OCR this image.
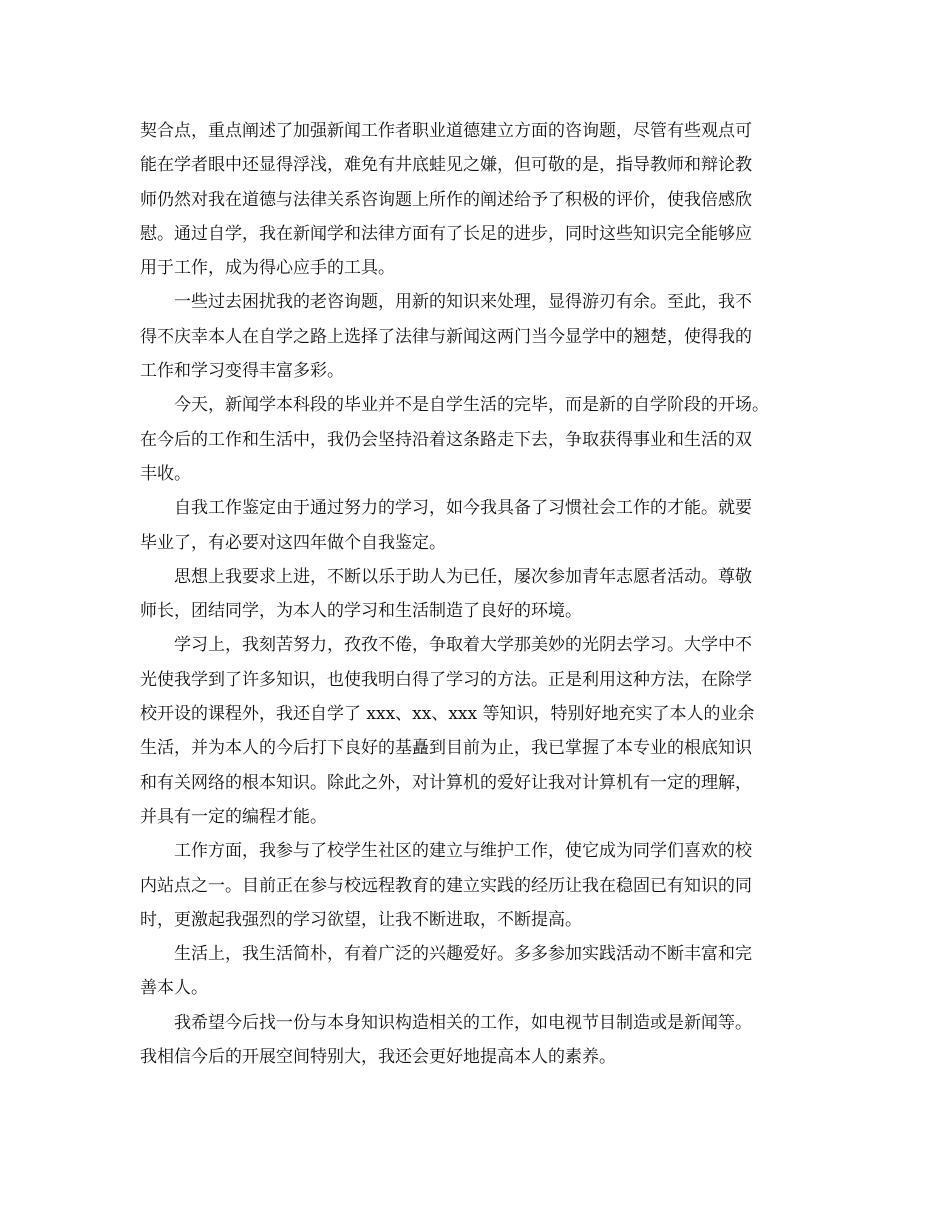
契合点，重点阐述了加强新闻工作者职业道德建立方面的咨询题，尽管有些观点可

能在学者眼中还显得浮浅，难免有井底蛙见之嫌，但可敬的是，指导教师和辩论教

师仍然对我在道德与法律关系咨询题上所作的阐述给予了积极的评价，使我倍感欣

慰。通过自学，我在新闻学和法律方面有了长足的进步，同时这些知识完全能够应

用于工作，成为得心应手的工具。

一些过去困扰我的老咨询题，用新的知识来处理，显得游刃有余。至此，我不

得不庆幸本人在自学之路上选择了法律与新闻这两门当今显学中的翘楚，使得我的

工作和学习变得丰富多彩。

今天，新闻学本科段的毕业并不是自学生活的完毕，而是新的自学阶段的开场。

在今后的工作和生活中，我仍会坚持沿着这条路走下去，争取获得事业和生活的双

丰收。

自我工作鉴定由于通过努力的学习，如今我具备了习惯社会工作的才能。就要

毕业了，有必要对这四年做个自我鉴定。

思想上我要求上进，不断以乐于助人为已任，屡次参加青年志愿者活动。尊敬

师长，团结同学，为本人的学习和生活制造了良好的环境。

学习上，我刻苦努力，孜孜不倦，争取着大学那美妙的光阴去学习。大学中不

光使我学到了许多知识，也使我明白得了学习的方法。正是利用这种方法，在除学

校开设的课程外，我还自学了 xxx、xx、xxx 等知识，特别好地充实了本人的业余

生活，并为本人的今后打下良好的基矗到目前为止，我已掌握了本专业的根底知识

和有关网络的根本知识。除此之外，对计算机的爱好让我对计算机有一定的理解，

并具有一定的编程才能。

工作方面，我参与了校学生社区的建立与维护工作，使它成为同学们喜欢的校

内站点之一。目前正在参与校远程教育的建立实践的经历让我在稳固已有知识的同

时，更激起我强烈的学习欲望，让我不断进取，不断提高。

生活上，我生活简朴，有着广泛的兴趣爱好。多多参加实践活动不断丰富和完

善本人。

我希望今后找一份与本身知识构造相关的工作，如电视节目制造或是新闻等。

我相信今后的开展空间特别大，我还会更好地提高本人的素养。
